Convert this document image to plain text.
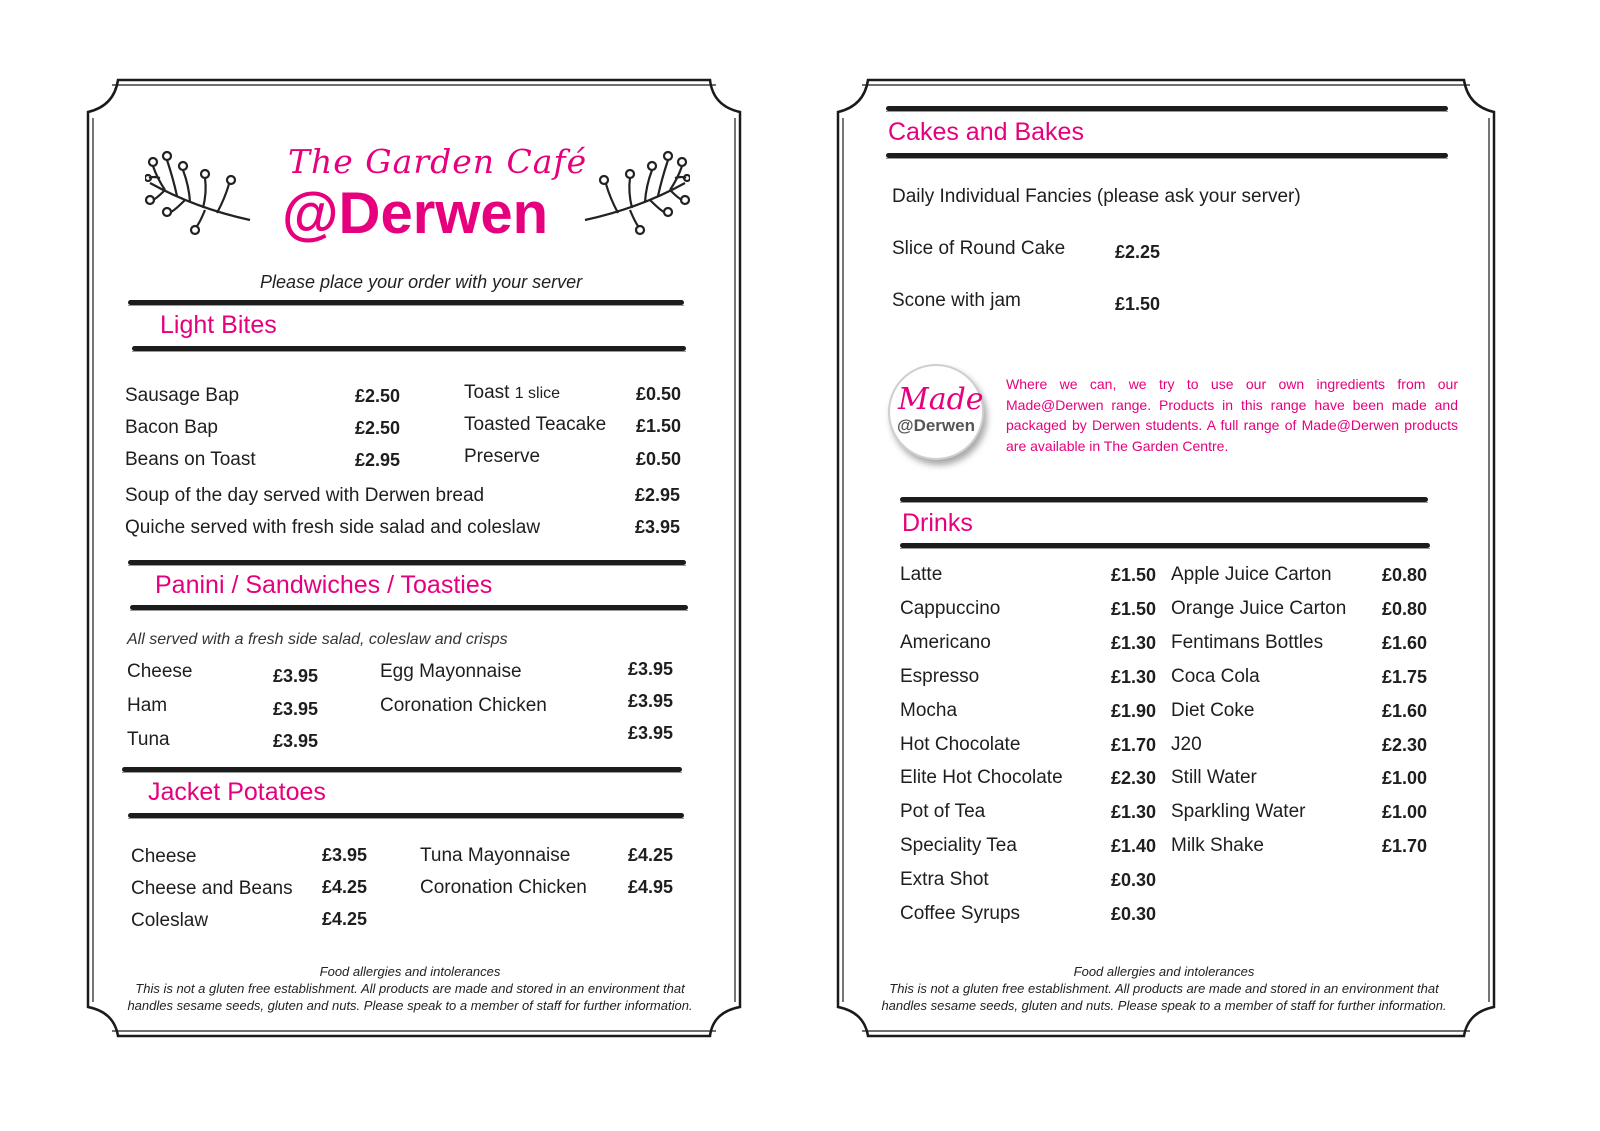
The Garden Café
@Derwen
Please place your order with your server
Light Bites
Sausage Bap	£2.50
Bacon Bap	£2.50
Beans on Toast	£2.95
Toast 1 slice	£0.50
Toasted Teacake £1.50
Preserve	£0.50
Soup of the day served with Derwen bread	£2.95
Quiche served with fresh side salad and coleslaw	£3.95
Panini / Sandwiches / Toasties
All served with a fresh side salad, coleslaw and crisps
Cheese	£3.95
Ham	£3.95
Tuna	£3.95
Egg Mayonnaise	£3.95
Coronation Chicken	£3.95
£3.95
Jacket Potatoes
Cheese	£3.95
Cheese and Beans £4.25
Coleslaw	£4.25
Tuna Mayonnaise	£4.25
Coronation Chicken £4.95
Food allergies and intolerances
This is not a gluten free establishment. All products are made and stored in an environment that
handles sesame seeds, gluten and nuts. Please speak to a member of staff for further information.
Cakes and Bakes
Daily Individual Fancies (please ask your server)
Slice of Round Cake	£2.25
Scone with jam	£1.50
Made
@Derwen
Where we can, we try to use our own ingredients from our Made@Derwen range. Products in this range have been made and packaged by Derwen students. A full range of Made@Derwen products are available in The Garden Centre.
Drinks
Latte	£1.50
Cappuccino	£1.50
Americano	£1.30
Espresso	£1.30
Mocha	£1.90
Hot Chocolate	£1.70
Elite Hot Chocolate	£2.30
Pot of Tea	£1.30
Speciality Tea	£1.40
Extra Shot	£0.30
Coffee Syrups	£0.30
Apple Juice Carton	£0.80
Orange Juice Carton £0.80
Fentimans Bottles	£1.60
Coca Cola	£1.75
Diet Coke	£1.60
J20	£2.30
Still Water	£1.00
Sparkling Water	£1.00
Milk Shake	£1.70
Food allergies and intolerances
This is not a gluten free establishment. All products are made and stored in an environment that
handles sesame seeds, gluten and nuts. Please speak to a member of staff for further information.
